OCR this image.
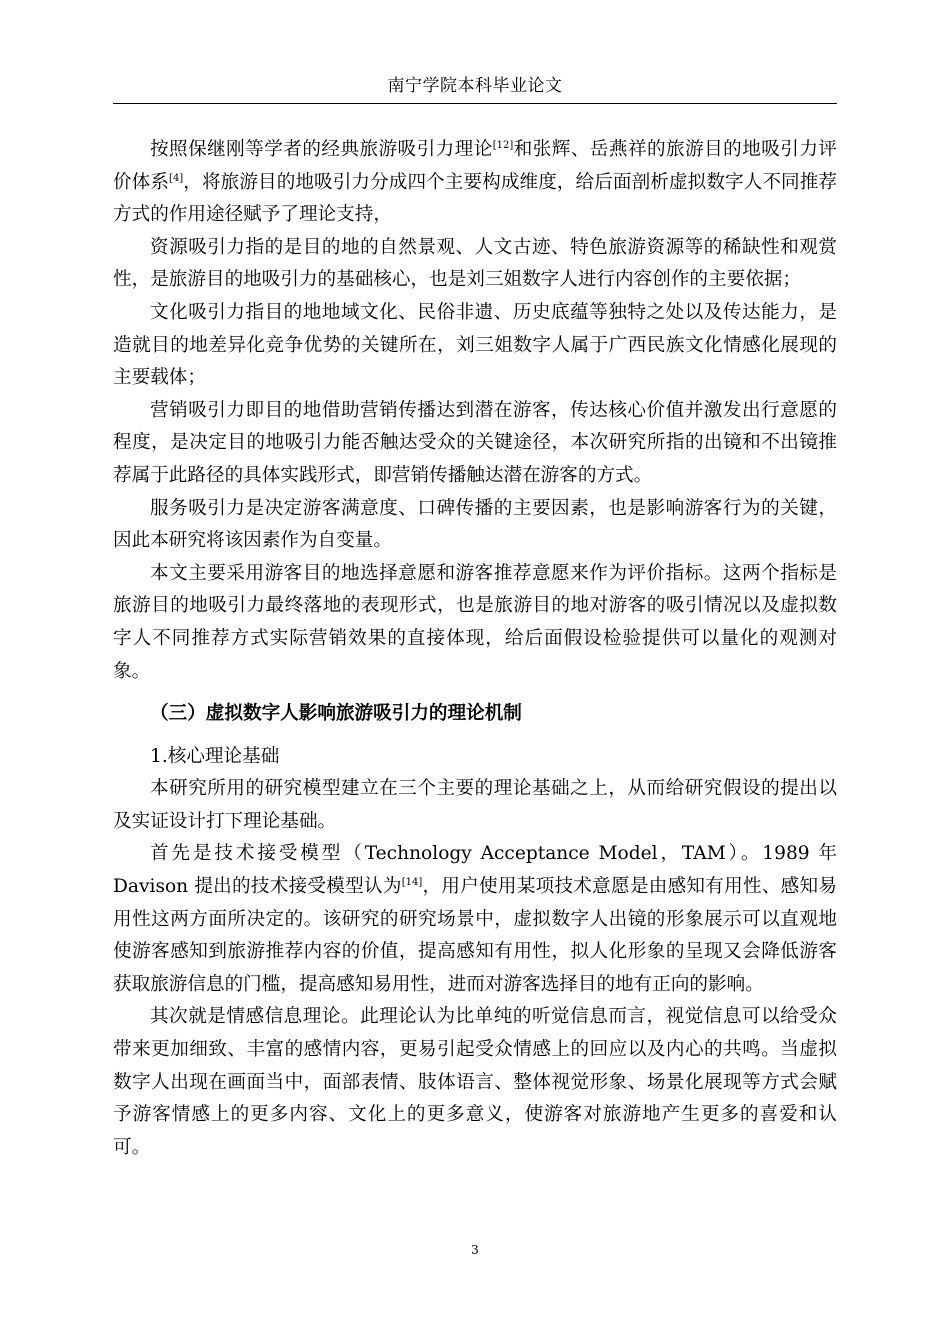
南宁学院本科毕业论文

按照保继刚等学者的经典旅游吸引力理论[12]和张辉、岳燕祥的旅游目的地吸引力评价体系[4]，将旅游目的地吸引力分成四个主要构成维度，给后面剖析虚拟数字人不同推荐方式的作用途径赋予了理论支持，

资源吸引力指的是目的地的自然景观、人文古迹、特色旅游资源等的稀缺性和观赏性，是旅游目的地吸引力的基础核心，也是刘三姐数字人进行内容创作的主要依据；

文化吸引力指目的地地域文化、民俗非遗、历史底蕴等独特之处以及传达能力，是造就目的地差异化竞争优势的关键所在，刘三姐数字人属于广西民族文化情感化展现的主要载体；

营销吸引力即目的地借助营销传播达到潜在游客，传达核心价值并激发出行意愿的程度，是决定目的地吸引力能否触达受众的关键途径，本次研究所指的出镜和不出镜推荐属于此路径的具体实践形式，即营销传播触达潜在游客的方式。

服务吸引力是决定游客满意度、口碑传播的主要因素，也是影响游客行为的关键，因此本研究将该因素作为自变量。

本文主要采用游客目的地选择意愿和游客推荐意愿来作为评价指标。这两个指标是旅游目的地吸引力最终落地的表现形式，也是旅游目的地对游客的吸引情况以及虚拟数字人不同推荐方式实际营销效果的直接体现，给后面假设检验提供可以量化的观测对象。

（三）虚拟数字人影响旅游吸引力的理论机制

1.核心理论基础

本研究所用的研究模型建立在三个主要的理论基础之上，从而给研究假设的提出以及实证设计打下理论基础。

首先是技术接受模型（Technology Acceptance Model，TAM）。1989 年 Davison 提出的技术接受模型认为[14]，用户使用某项技术意愿是由感知有用性、感知易用性这两方面所决定的。该研究的研究场景中，虚拟数字人出镜的形象展示可以直观地使游客感知到旅游推荐内容的价值，提高感知有用性，拟人化形象的呈现又会降低游客获取旅游信息的门槛，提高感知易用性，进而对游客选择目的地有正向的影响。

其次就是情感信息理论。此理论认为比单纯的听觉信息而言，视觉信息可以给受众带来更加细致、丰富的感情内容，更易引起受众情感上的回应以及内心的共鸣。当虚拟数字人出现在画面当中，面部表情、肢体语言、整体视觉形象、场景化展现等方式会赋予游客情感上的更多内容、文化上的更多意义，使游客对旅游地产生更多的喜爱和认可。

3
